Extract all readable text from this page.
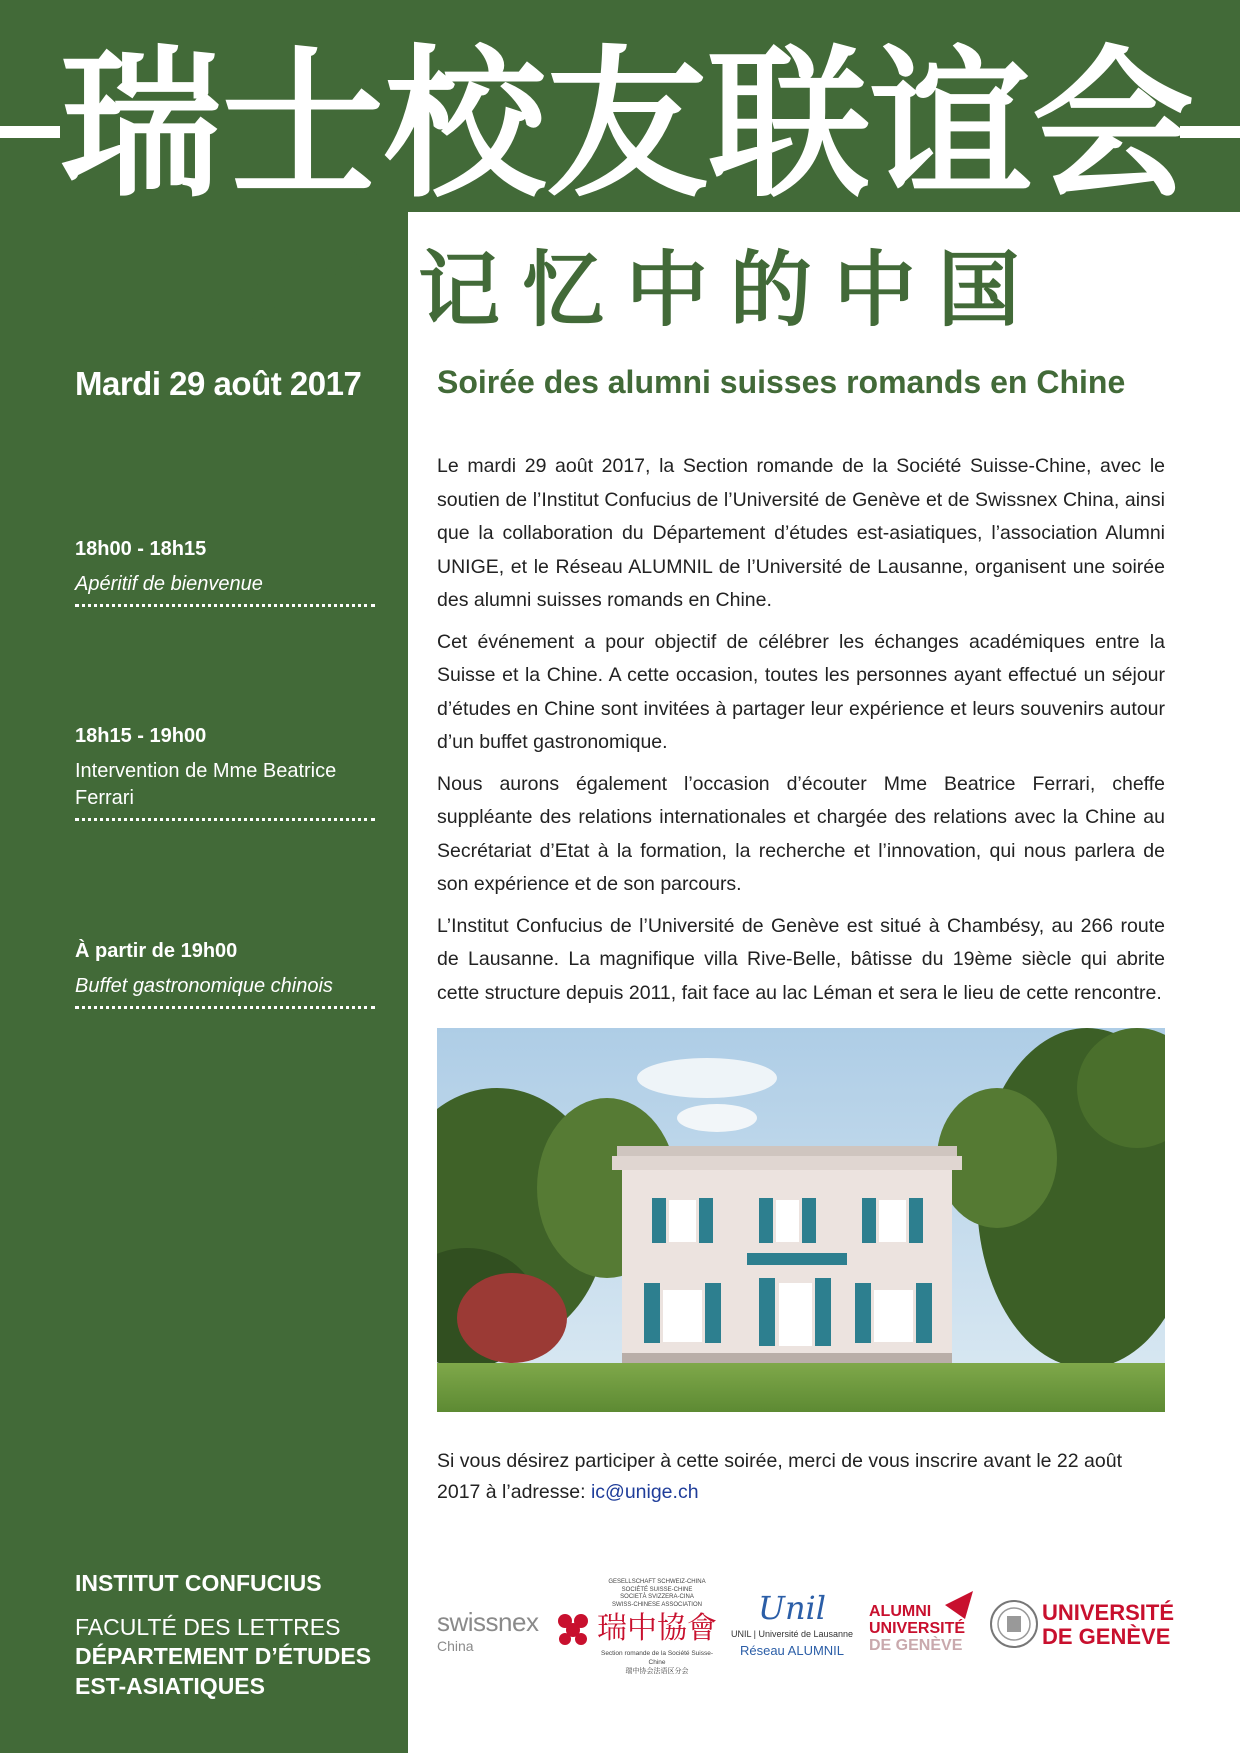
瑞 士 校 友 联 谊 会
我 们 记 忆 中 的 中 国
Mardi 29 août 2017
18h00 - 18h15
Apéritif de bienvenue
18h15 - 19h00
Intervention de Mme Beatrice Ferrari
À partir de 19h00
Buffet gastronomique chinois
Soirée des alumni suisses romands en Chine

Le mardi 29 août 2017, la Section romande de la Société Suisse-Chine, avec le soutien de l’Institut Confucius de l’Université de Genève et de Swissnex China, ainsi que la collaboration du Département d’études est-asiatiques, l’association Alumni UNIGE, et le Réseau ALUMNIL de l’Université de Lausanne, organisent une soirée des alumni suisses romands en Chine.

Cet événement a pour objectif de célébrer les échanges académiques entre la Suisse et la Chine. A cette occasion, toutes les personnes ayant effectué un séjour d’études en Chine sont invitées à partager leur expérience et leurs souvenirs autour d’un buffet gastronomique.

Nous aurons également l’occasion d’écouter Mme Beatrice Ferrari, cheffe suppléante des relations internationales et chargée des relations avec la Chine au Secrétariat d’Etat à la formation, la recherche et l’innovation, qui nous parlera de son expérience et de son parcours.

L’Institut Confucius de l’Université de Genève est situé à Chambésy, au 266 route de Lausanne. La magnifique villa Rive-Belle, bâtisse du 19ème siècle qui abrite cette structure depuis 2011, fait face au lac Léman et sera le lieu de cette rencontre.

Si vous désirez participer à cette soirée, merci de vous inscrire avant le 22 août 2017 à l’adresse: ic@unige.ch
INSTITUT CONFUCIUS
FACULTÉ DES LETTRES
DÉPARTEMENT D’ÉTUDES
EST-ASIATIQUES
swissnex
China
GESELLSCHAFT SCHWEIZ-CHINA
SOCIÉTÉ SUISSE-CHINE
SOCIETÀ SVIZZERA-CINA
SWISS-CHINESE ASSOCIATION
瑞中協會
Section romande de la Société Suisse-Chine
瑞中协会法语区分会
Unil
UNIL | Université de Lausanne
Réseau ALUMNIL
ALUMNI
UNIVERSITÉ
DE GENÈVE
UNIVERSITÉ
DE GENÈVE
